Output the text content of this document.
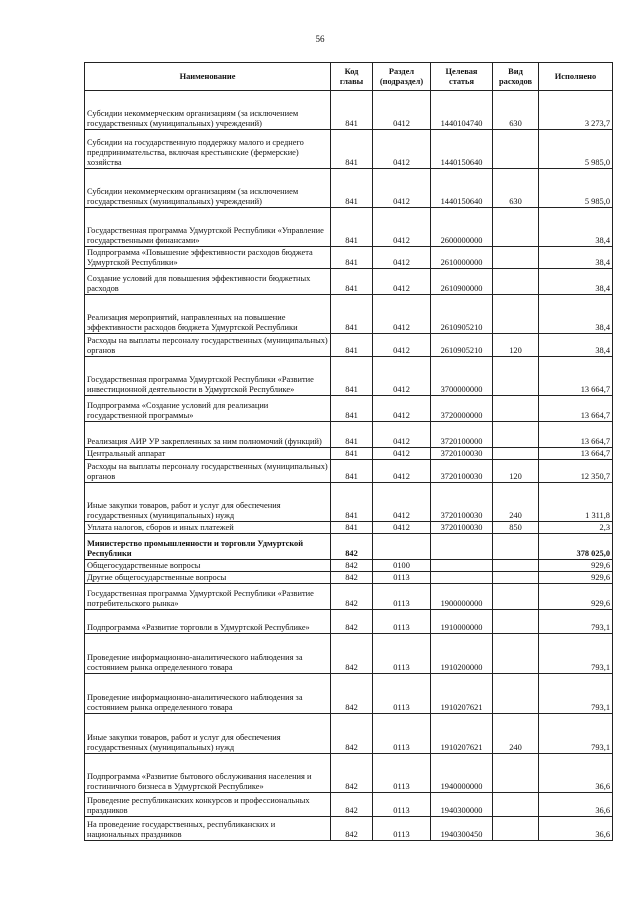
56
Наименование	Код главы	Раздел (подраздел)	Целевая статья	Вид расходов	Исполнено
Субсидии некоммерческим организациям (за исключением государственных (муниципальных) учреждений)	841	0412	1440104740	630	3 273,7
Субсидии на государственную поддержку малого и среднего предпринимательства, включая крестьянские (фермерские) хозяйства	841	0412	1440150640		5 985,0
Субсидии некоммерческим организациям (за исключением государственных (муниципальных) учреждений)	841	0412	1440150640	630	5 985,0
Государственная программа Удмуртской Республики «Управление государственными финансами»	841	0412	2600000000		38,4
Подпрограмма «Повышение эффективности расходов бюджета Удмуртской Республики»	841	0412	2610000000		38,4
Создание условий для повышения эффективности бюджетных расходов	841	0412	2610900000		38,4
Реализация мероприятий, направленных на повышение эффективности расходов бюджета Удмуртской Республики	841	0412	2610905210		38,4
Расходы на выплаты персоналу государственных (муниципальных) органов	841	0412	2610905210	120	38,4
Государственная программа Удмуртской Республики «Развитие инвестиционной деятельности в Удмуртской Республике»	841	0412	3700000000		13 664,7
Подпрограмма «Создание условий для реализации государственной программы»	841	0412	3720000000		13 664,7
Реализация АИР УР закрепленных за ним полномочий (функций)	841	0412	3720100000		13 664,7
Центральный аппарат	841	0412	3720100030		13 664,7
Расходы на выплаты персоналу государственных (муниципальных) органов	841	0412	3720100030	120	12 350,7
Иные закупки товаров, работ и услуг для обеспечения государственных (муниципальных) нужд	841	0412	3720100030	240	1 311,8
Уплата налогов, сборов и иных платежей	841	0412	3720100030	850	2,3
Министерство промышленности и торговли Удмуртской Республики	842				378 025,0
Общегосударственные вопросы	842	0100			929,6
Другие общегосударственные вопросы	842	0113			929,6
Государственная программа Удмуртской Республики «Развитие потребительского рынка»	842	0113	1900000000		929,6
Подпрограмма «Развитие торговли в Удмуртской Республике»	842	0113	1910000000		793,1
Проведение информационно-аналитического наблюдения за состоянием рынка определенного товара	842	0113	1910200000		793,1
Проведение информационно-аналитического наблюдения за состоянием рынка определенного товара	842	0113	1910207621		793,1
Иные закупки товаров, работ и услуг для обеспечения государственных (муниципальных) нужд	842	0113	1910207621	240	793,1
Подпрограмма «Развитие бытового обслуживания населения и гостиничного бизнеса в Удмуртской Республике»	842	0113	1940000000		36,6
Проведение республиканских конкурсов и профессиональных праздников	842	0113	1940300000		36,6
На проведение государственных, республиканских и национальных праздников	842	0113	1940300450		36,6
